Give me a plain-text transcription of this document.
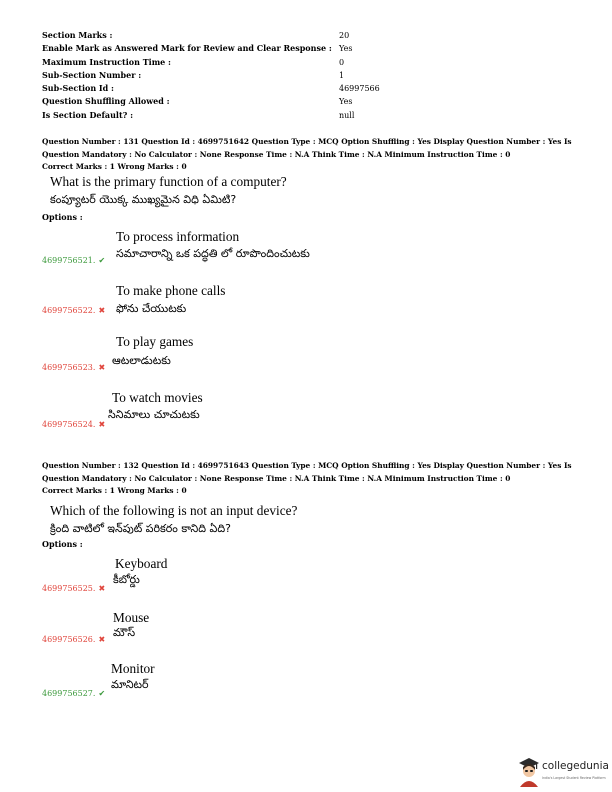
Section Marks :	20
Enable Mark as Answered Mark for Review and Clear Response : Yes
Maximum Instruction Time :	0
Sub-Section Number :	1
Sub-Section Id :	46997566
Question Shuffling Allowed :	Yes
Is Section Default? :	null
Question Number : 131 Question Id : 4699751642 Question Type : MCQ Option Shuffling : Yes Display Question Number : Yes Is
Question Mandatory : No Calculator : None Response Time : N.A Think Time : N.A Minimum Instruction Time : 0
Correct Marks : 1 Wrong Marks : 0
What is the primary function of a computer?
కంప్యూటర్ యొక్క ముఖ్యమైన విధి ఏమిటి?
Options :
To process information
సమాచారాన్ని ఒక పద్ధతి లో రూపొందించుటకు
4699756521. ✔
To make phone calls
ఫోను చేయుటకు
4699756522. ✖
To play games
ఆటలాడుటకు
4699756523. ✖
To watch movies
సినిమాలు చూచుటకు
4699756524. ✖
Question Number : 132 Question Id : 4699751643 Question Type : MCQ Option Shuffling : Yes Display Question Number : Yes Is
Question Mandatory : No Calculator : None Response Time : N.A Think Time : N.A Minimum Instruction Time : 0
Correct Marks : 1 Wrong Marks : 0
Which of the following is not an input device?
క్రింది వాటిలో ఇన్‌పుట్ పరికరం కానిది ఏది?
Options :
Keyboard
కీబోర్డు
4699756525. ✖
Mouse
మౌస్
4699756526. ✖
Monitor
మానిటర్
4699756527. ✔
collegedunia
India's Largest Student Review Platform
